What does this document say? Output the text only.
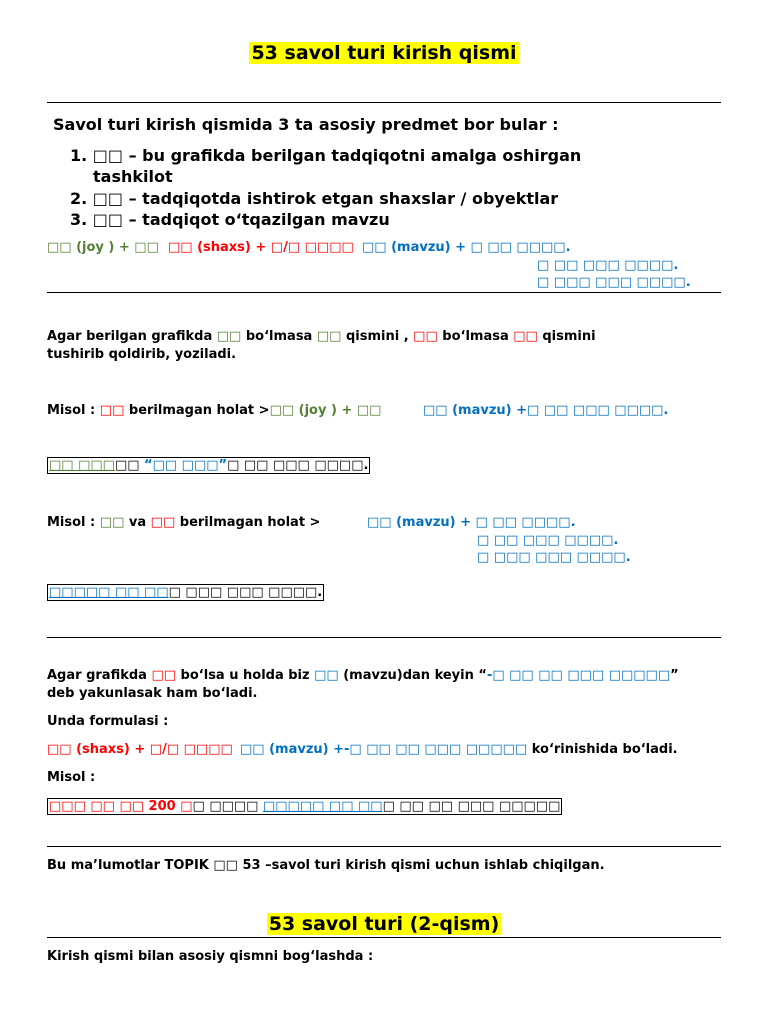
53 savol turi kirish qismi
Savol turi kirish qismida 3 ta asosiy predmet bor bular :
1. □□ – bu grafikda berilgan tadqiqotni amalga oshirgan
tashkilot
2. □□ – tadqiqotda ishtirok etgan shaxslar / obyektlar
3. □□ – tadqiqot o‘tqazilgan mavzu
□□ (joy ) + □□ □□ (shaxs) + □/□ □□□□ □□ (mavzu) + □ □□ □□□□.
□ □□ □□□ □□□□.
□ □□□ □□□ □□□□.
Agar berilgan grafikda □□ bo‘lmasa □□ qismini , □□ bo‘lmasa □□ qismini
tushirib qoldirib, yoziladi.
Misol : □□ berilmagan holat >□□ (joy ) + □□	□□ (mavzu) +□ □□ □□□ □□□□.
□□ □□□□□ “□□ □□□”□ □□ □□□ □□□□.
Misol : □□ va □□ berilmagan holat >	□□ (mavzu) + □ □□ □□□□.
□ □□ □□□ □□□□.
□ □□□ □□□ □□□□.
□□□□□ □□ □□□ □□□ □□□ □□□□.
Agar grafikda □□ bo‘lsa u holda biz □□ (mavzu)dan keyin “-□ □□ □□ □□□ □□□□□”
deb yakunlasak ham bo‘ladi.
Unda formulasi :
□□ (shaxs) + □/□ □□□□ □□ (mavzu) +-□ □□ □□ □□□ □□□□□ ko‘rinishida bo‘ladi.
Misol :
□□□ □□ □□ 200 □□ □□□□ □□□□□ □□ □□□ □□ □□ □□□ □□□□□
Bu ma’lumotlar TOPIK □□ 53 –savol turi kirish qismi uchun ishlab chiqilgan.
53 savol turi (2-qism)
Kirish qismi bilan asosiy qismni bog‘lashda :
